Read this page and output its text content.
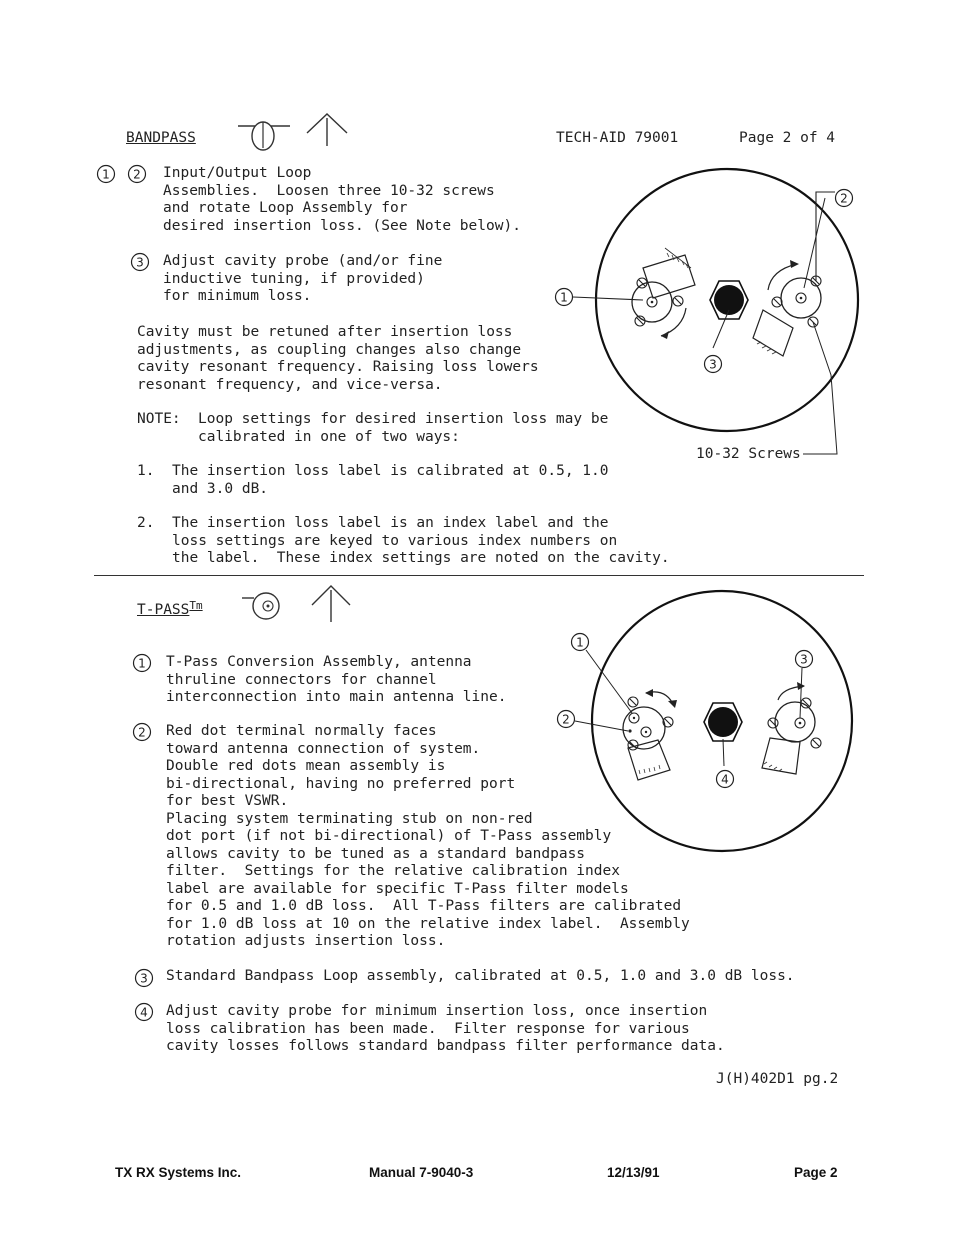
BANDPASS	TECH-AID 79001	Page 2 of 4
1 2 Input/Output Loop
Assemblies.  Loosen three 10-32 screws
and rotate Loop Assembly for
desired insertion loss. (See Note below).
3 Adjust cavity probe (and/or fine
inductive tuning, if provided)
for minimum loss.
Cavity must be retuned after insertion loss
adjustments, as coupling changes also change
cavity resonant frequency. Raising loss lowers
resonant frequency, and vice-versa.
NOTE: Loop settings for desired insertion loss may be
calibrated in one of two ways:
1. The insertion loss label is calibrated at 0.5, 1.0
and 3.0 dB.
2. The insertion loss label is an index label and the
loss settings are keyed to various index numbers on
the label.  These index settings are noted on the cavity.
1
2
3
10-32 Screws
$T-PASS^{Tm}$
1 T-Pass Conversion Assembly, antenna
thruline connectors for channel
interconnection into main antenna line.
2 Red dot terminal normally faces
toward antenna connection of system.
Double red dots mean assembly is
bi-directional, having no preferred port
for best VSWR.
Placing system terminating stub on non-red
dot port (if not bi-directional) of T-Pass assembly
allows cavity to be tuned as a standard bandpass
filter.  Settings for the relative calibration index
label are available for specific T-Pass filter models
for 0.5 and 1.0 dB loss.  All T-Pass filters are calibrated
for 1.0 dB loss at 10 on the relative index label.  Assembly
rotation adjusts insertion loss.
3 Standard Bandpass Loop assembly, calibrated at 0.5, 1.0 and 3.0 dB loss.
4 Adjust cavity probe for minimum insertion loss, once insertion
loss calibration has been made.  Filter response for various
cavity losses follows standard bandpass filter performance data.
1
2
3
4
J(H)402D1 pg.2
TX RX Systems Inc.	Manual 7-9040-3	12/13/91	Page 2
